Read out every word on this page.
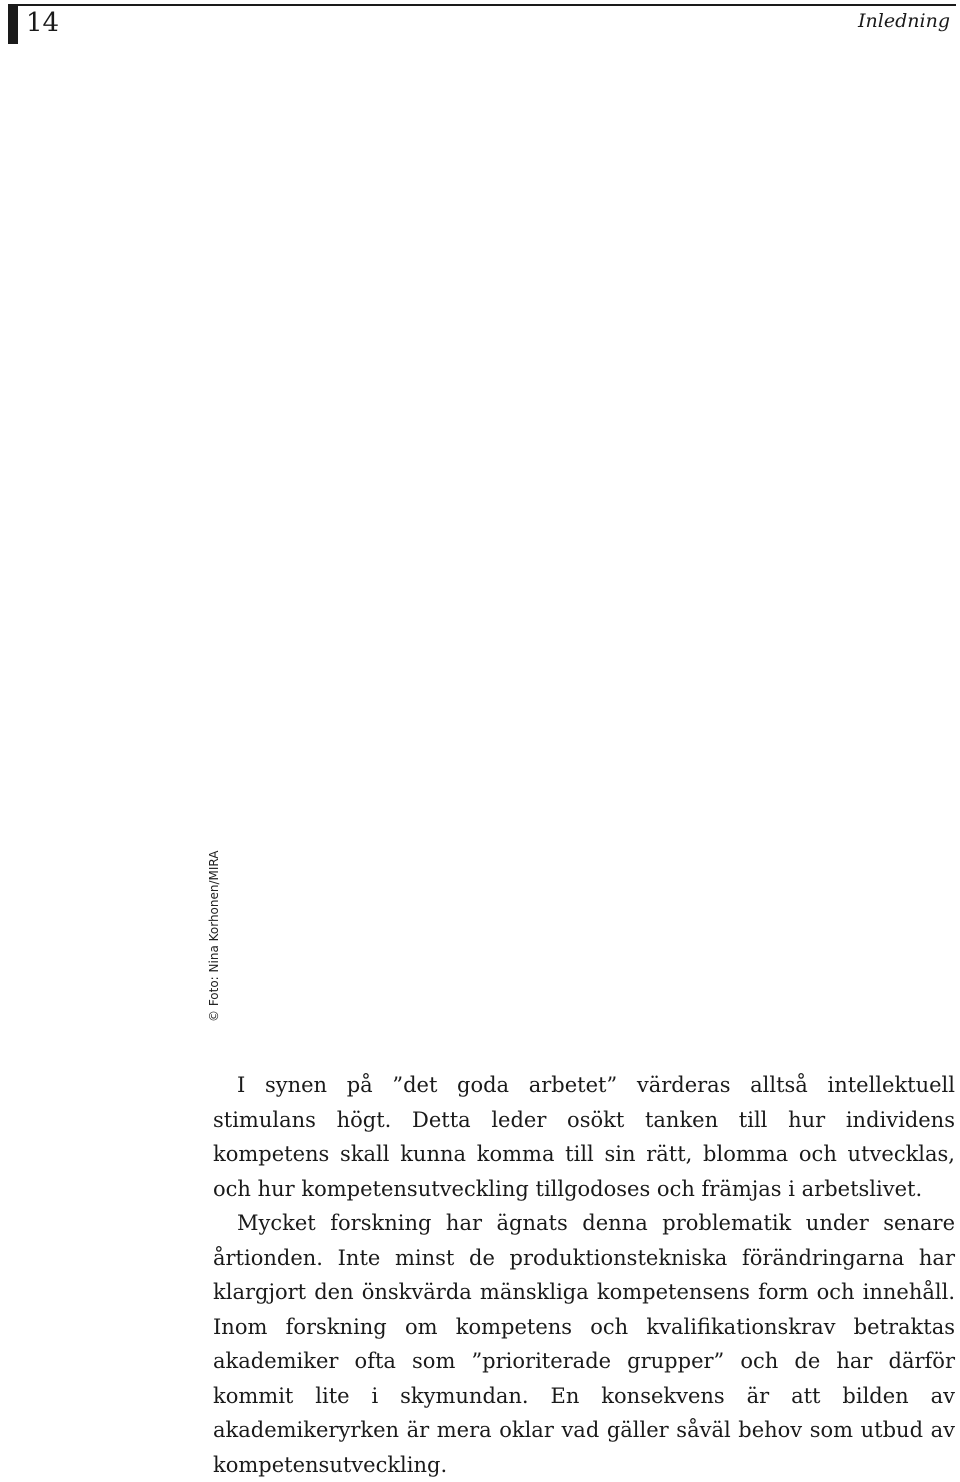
14	Inledning
© Foto: Nina Korhonen/MIRA

I synen på ”det goda arbetet” värderas alltså intellektuell stimulans högt. Detta leder osökt tanken till hur individens kompetens skall kunna komma till sin rätt, blomma och utvecklas, och hur kompetensutveckling tillgodoses och främjas i arbetslivet.

Mycket forskning har ägnats denna problematik under senare årtionden. Inte minst de produktionstekniska förändringarna har klargjort den önskvärda mänskliga kompetensens form och innehåll. Inom forskning om kompetens och kvalifikationskrav betraktas akademiker ofta som ”prioriterade grupper” och de har därför kommit lite i skymundan. En konsekvens är att bilden av akademikeryrken är mera oklar vad gäller såväl behov som utbud av kompetensutveckling.
